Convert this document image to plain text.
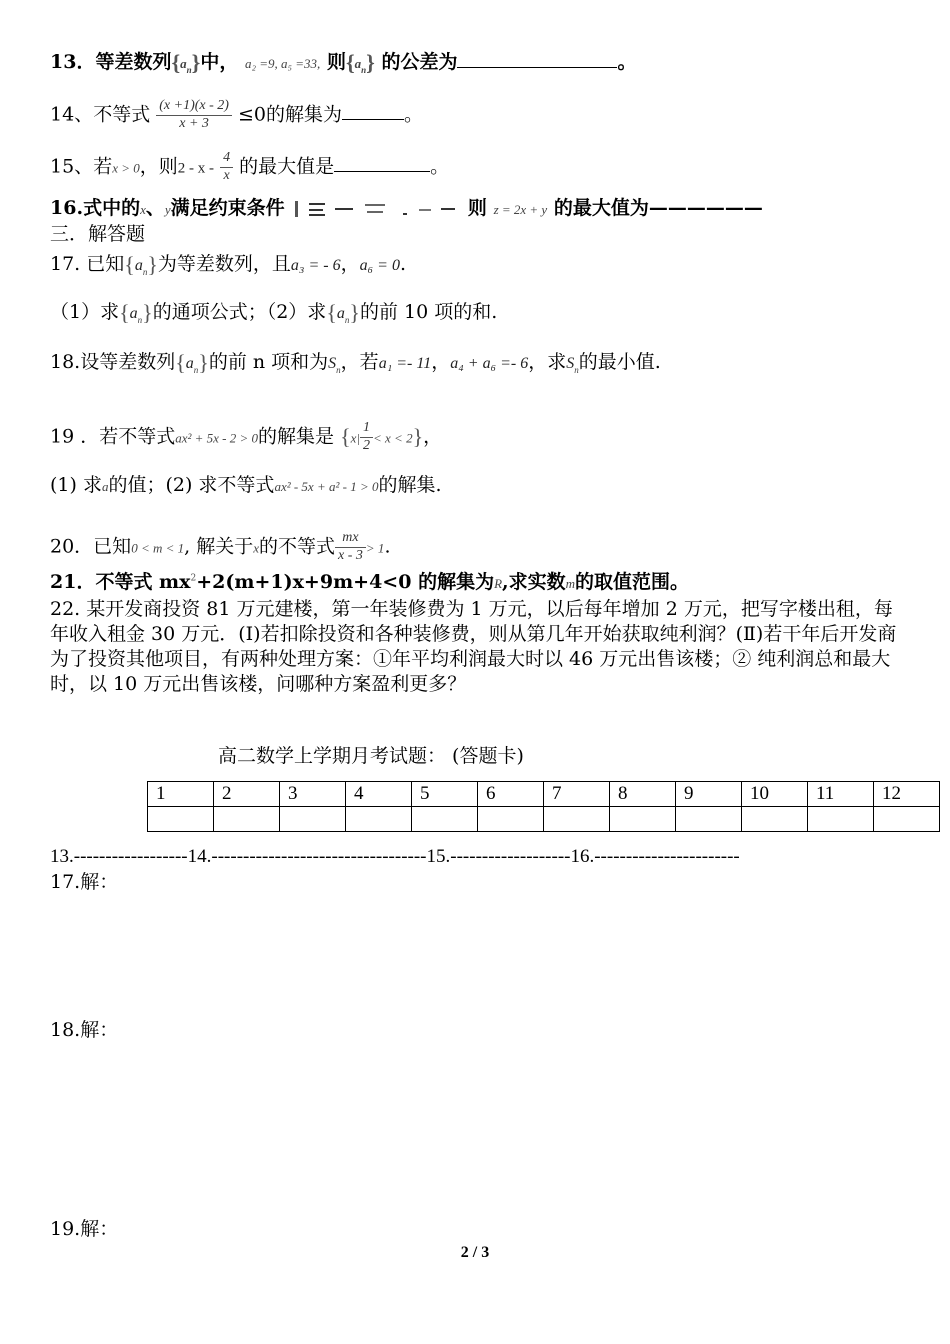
13．等差数列$\{a_n\}$中， a₂ =9, a₅ =33, 则$\{a_n\}$ 的公差为	。
14、不等式 $\frac{(x +1)(x - 2)}{x + 3} \le 0$的解集为	。
15、若x > 0，则2 - x - $\frac{4}{x}$ 的最大值是	。
16.式中的x、y满足约束条件	则 z = 2x + y 的最大值为——————
三．解答题
17. 已知$\{a_n\}$为等差数列，且a₃ = - 6，a₆ = 0.
（1）求$\{a_n\}$的通项公式；（2）求$\{a_n\}$的前 10 项的和.
18.设等差数列$\{a_n\}$的前 n 项和为$S_n$，若a₁ =- 11，a₄ + a₆ =- 6，求$S_n$的最小值.
19 ．若不等式ax² + 5x - 2 > 0的解集是 $\{x| \frac{1}{2} < x < 2\}$，
(1) 求a的值；(2) 求不等式ax² - 5x + a² - 1 > 0的解集.
20．已知0 < m < 1, 解关于x的不等式 $\frac{mx}{x - 3} > 1$.
21．不等式 $mx^2+2(m+1)x+9m+4<0$ 的解集为R,求实数m的取值范围。
22. 某开发商投资 81 万元建楼，第一年装修费为 1 万元，以后每年增加 2 万元，把写字楼出租，每年收入租金 30 万元．(Ⅰ)若扣除投资和各种装修费，则从第几年开始获取纯利润？(Ⅱ)若干年后开发商为了投资其他项目，有两种处理方案：①年平均利润最大时以 46 万元出售该楼；② 纯利润总和最大时，以 10 万元出售该楼，问哪种方案盈利更多？
高二数学上学期月考试题： (答题卡)
1	2	3	4	5	6	7	8	9	10	11	12

13.------------------14.----------------------------------15.-------------------16.-----------------------
17.解：
18.解：
19.解：
2 / 3
